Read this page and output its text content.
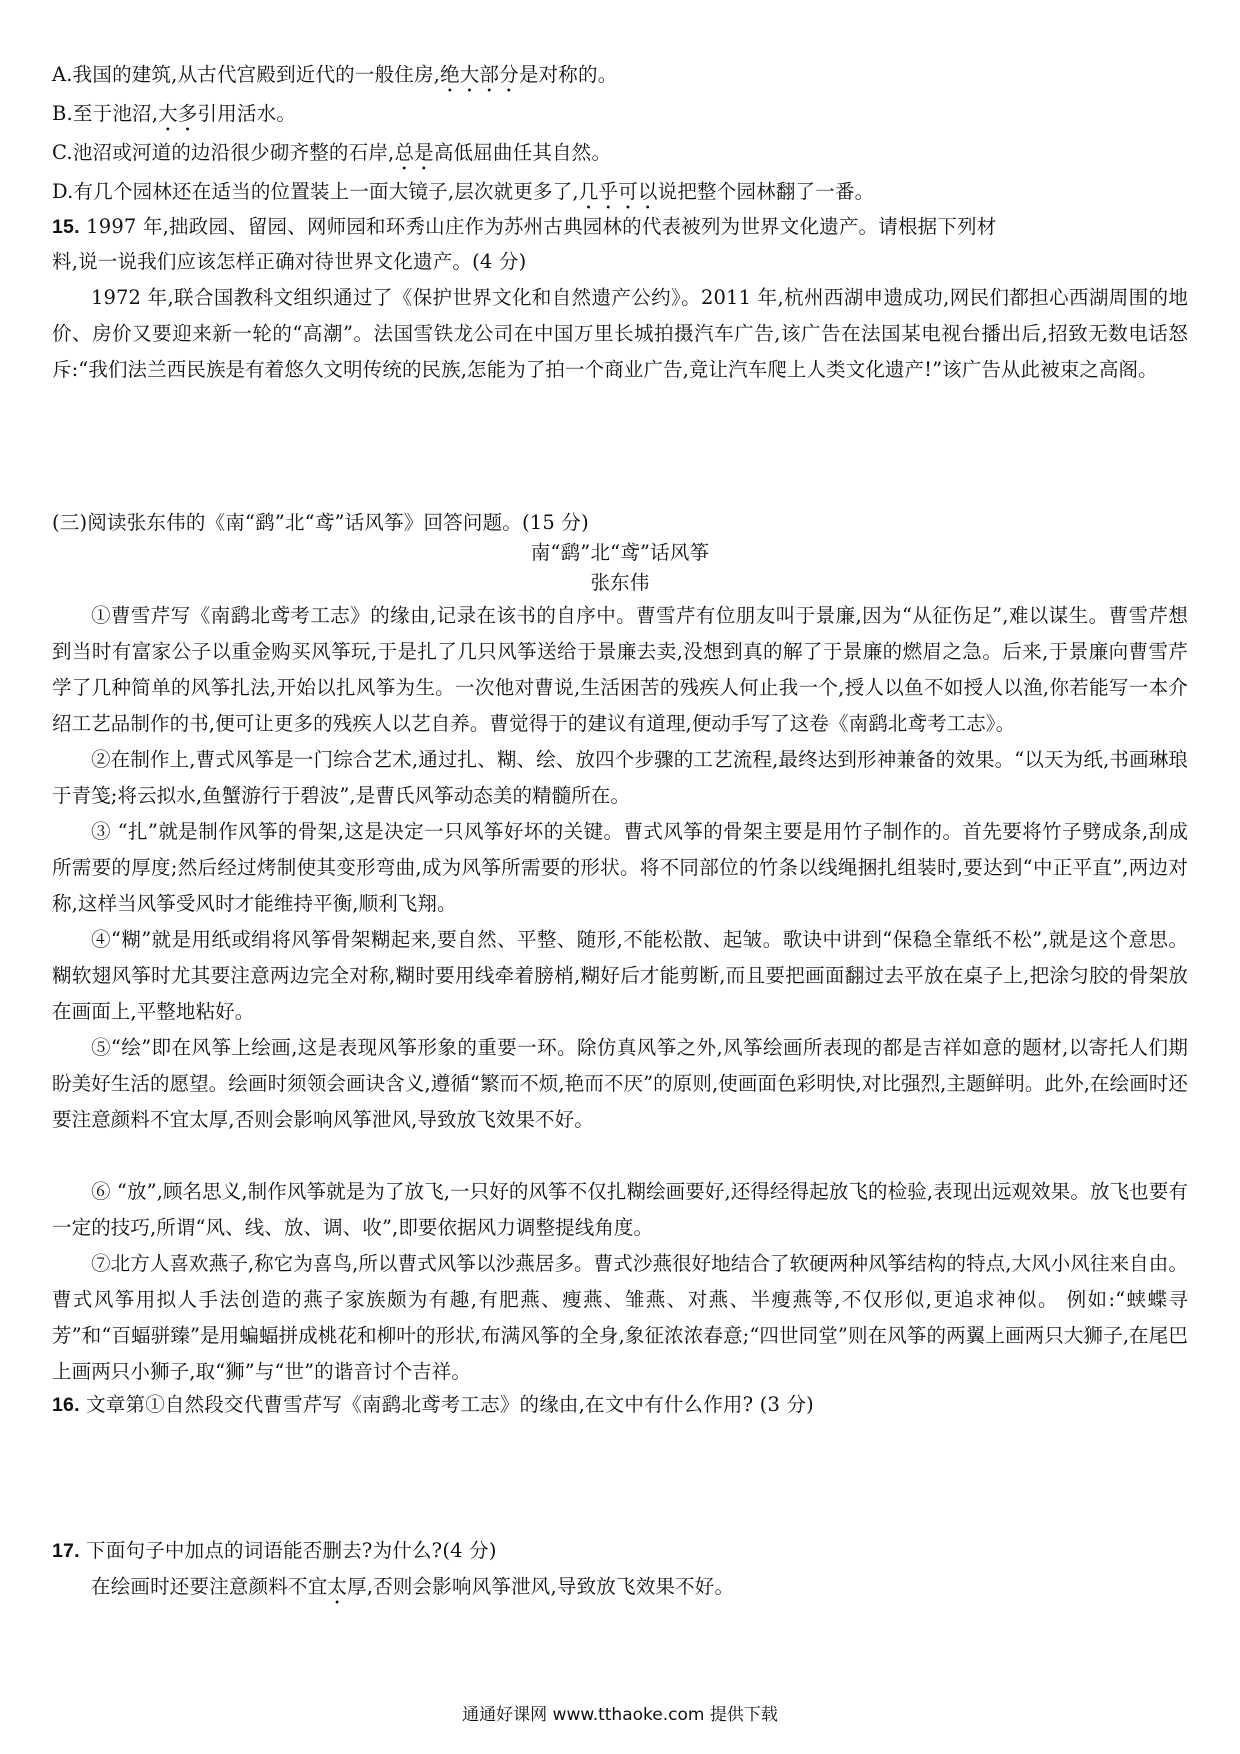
A.我国的建筑,从古代宫殿到近代的一般住房,绝大部分是对称的。
B.至于池沼,大多引用活水。
C.池沼或河道的边沿很少砌齐整的石岸,总是高低屈曲任其自然。
D.有几个园林还在适当的位置装上一面大镜子,层次就更多了,几乎可以说把整个园林翻了一番。
15. 1997 年,拙政园、留园、网师园和环秀山庄作为苏州古典园林的代表被列为世界文化遗产。请根据下列材
料,说一说我们应该怎样正确对待世界文化遗产。(4 分)
1972 年,联合国教科文组织通过了《保护世界文化和自然遗产公约》。2011 年,杭州西湖申遗成功,网民们都担心西湖周围的地价、房价又要迎来新一轮的“高潮”。法国雪铁龙公司在中国万里长城拍摄汽车广告,该广告在法国某电视台播出后,招致无数电话怒斥:“我们法兰西民族是有着悠久文明传统的民族,怎能为了拍一个商业广告,竟让汽车爬上人类文化遗产!”该广告从此被束之高阁。
(三)阅读张东伟的《南“鹞”北“鸢”话风筝》回答问题。(15 分)
南“鹞”北“鸢”话风筝
张东伟
①曹雪芹写《南鹞北鸢考工志》的缘由,记录在该书的自序中。曹雪芹有位朋友叫于景廉,因为“从征伤足”,难以谋生。曹雪芹想到当时有富家公子以重金购买风筝玩,于是扎了几只风筝送给于景廉去卖,没想到真的解了于景廉的燃眉之急。后来,于景廉向曹雪芹学了几种简单的风筝扎法,开始以扎风筝为生。一次他对曹说,生活困苦的残疾人何止我一个,授人以鱼不如授人以渔,你若能写一本介绍工艺品制作的书,便可让更多的残疾人以艺自养。曹觉得于的建议有道理,便动手写了这卷《南鹞北鸢考工志》。
②在制作上,曹式风筝是一门综合艺术,通过扎、糊、绘、放四个步骤的工艺流程,最终达到形神兼备的效果。“以天为纸,书画琳琅于青笺;将云拟水,鱼蟹游行于碧波”,是曹氏风筝动态美的精髓所在。
③ “扎”就是制作风筝的骨架,这是决定一只风筝好坏的关键。曹式风筝的骨架主要是用竹子制作的。首先要将竹子劈成条,刮成所需要的厚度;然后经过烤制使其变形弯曲,成为风筝所需要的形状。将不同部位的竹条以线绳捆扎组装时,要达到“中正平直”,两边对称,这样当风筝受风时才能维持平衡,顺利飞翔。
④“糊”就是用纸或绢将风筝骨架糊起来,要自然、平整、随形,不能松散、起皱。歌诀中讲到“保稳全靠纸不松”,就是这个意思。糊软翅风筝时尤其要注意两边完全对称,糊时要用线牵着膀梢,糊好后才能剪断,而且要把画面翻过去平放在桌子上,把涂匀胶的骨架放在画面上,平整地粘好。
⑤“绘”即在风筝上绘画,这是表现风筝形象的重要一环。除仿真风筝之外,风筝绘画所表现的都是吉祥如意的题材,以寄托人们期盼美好生活的愿望。绘画时须领会画诀含义,遵循“繁而不烦,艳而不厌”的原则,使画面色彩明快,对比强烈,主题鲜明。此外,在绘画时还要注意颜料不宜太厚,否则会影响风筝泄风,导致放飞效果不好。
⑥ “放”,顾名思义,制作风筝就是为了放飞,一只好的风筝不仅扎糊绘画要好,还得经得起放飞的检验,表现出远观效果。放飞也要有一定的技巧,所谓“风、线、放、调、收”,即要依据风力调整提线角度。
⑦北方人喜欢燕子,称它为喜鸟,所以曹式风筝以沙燕居多。曹式沙燕很好地结合了软硬两种风筝结构的特点,大风小风往来自由。曹式风筝用拟人手法创造的燕子家族颇为有趣,有肥燕、瘦燕、雏燕、对燕、半瘦燕等,不仅形似,更追求神似。 例如:“蛱蝶寻芳”和“百蝠骈臻”是用蝙蝠拼成桃花和柳叶的形状,布满风筝的全身,象征浓浓春意;“四世同堂”则在风筝的两翼上画两只大狮子,在尾巴上画两只小狮子,取“狮”与“世”的谐音讨个吉祥。
16. 文章第①自然段交代曹雪芹写《南鹞北鸢考工志》的缘由,在文中有什么作用? (3 分)
17. 下面句子中加点的词语能否删去?为什么?(4 分)
在绘画时还要注意颜料不宜太厚,否则会影响风筝泄风,导致放飞效果不好。
通通好课网 www.tthaoke.com 提供下载
